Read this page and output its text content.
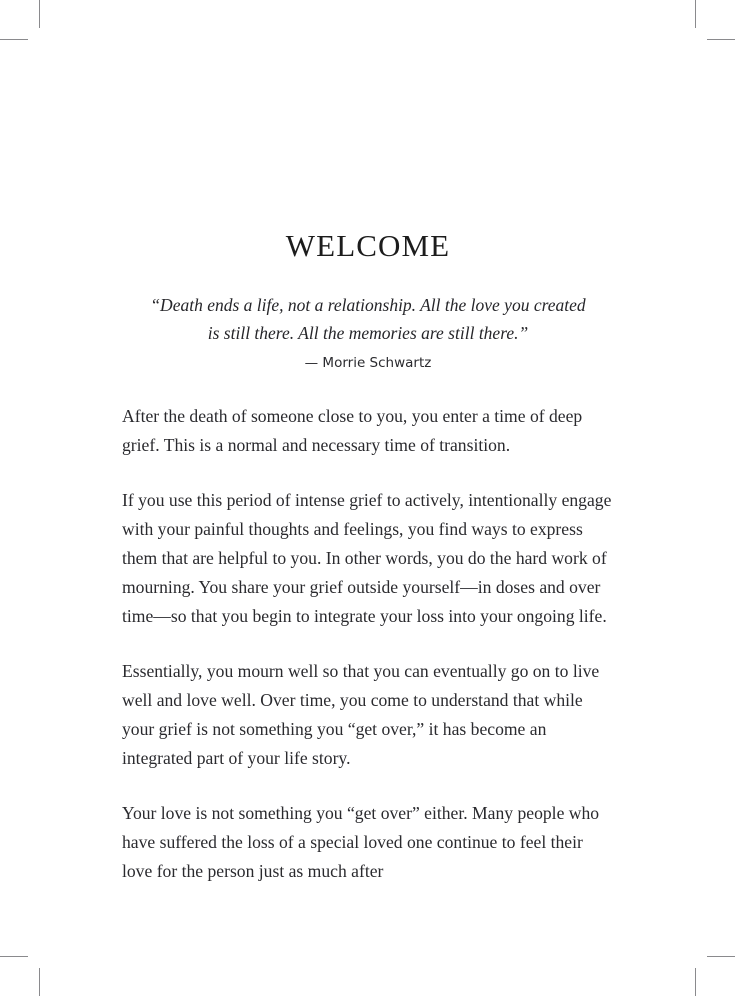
WELCOME
“Death ends a life, not a relationship. All the love you created is still there. All the memories are still there.”
— Morrie Schwartz

After the death of someone close to you, you enter a time of deep grief. This is a normal and necessary time of transition.

If you use this period of intense grief to actively, intentionally engage with your painful thoughts and feelings, you find ways to express them that are helpful to you. In other words, you do the hard work of mourning. You share your grief outside yourself—in doses and over time—so that you begin to integrate your loss into your ongoing life.

Essentially, you mourn well so that you can eventually go on to live well and love well. Over time, you come to understand that while your grief is not something you “get over,” it has become an integrated part of your life story.

Your love is not something you “get over” either. Many people who have suffered the loss of a special loved one continue to feel their love for the person just as much after
